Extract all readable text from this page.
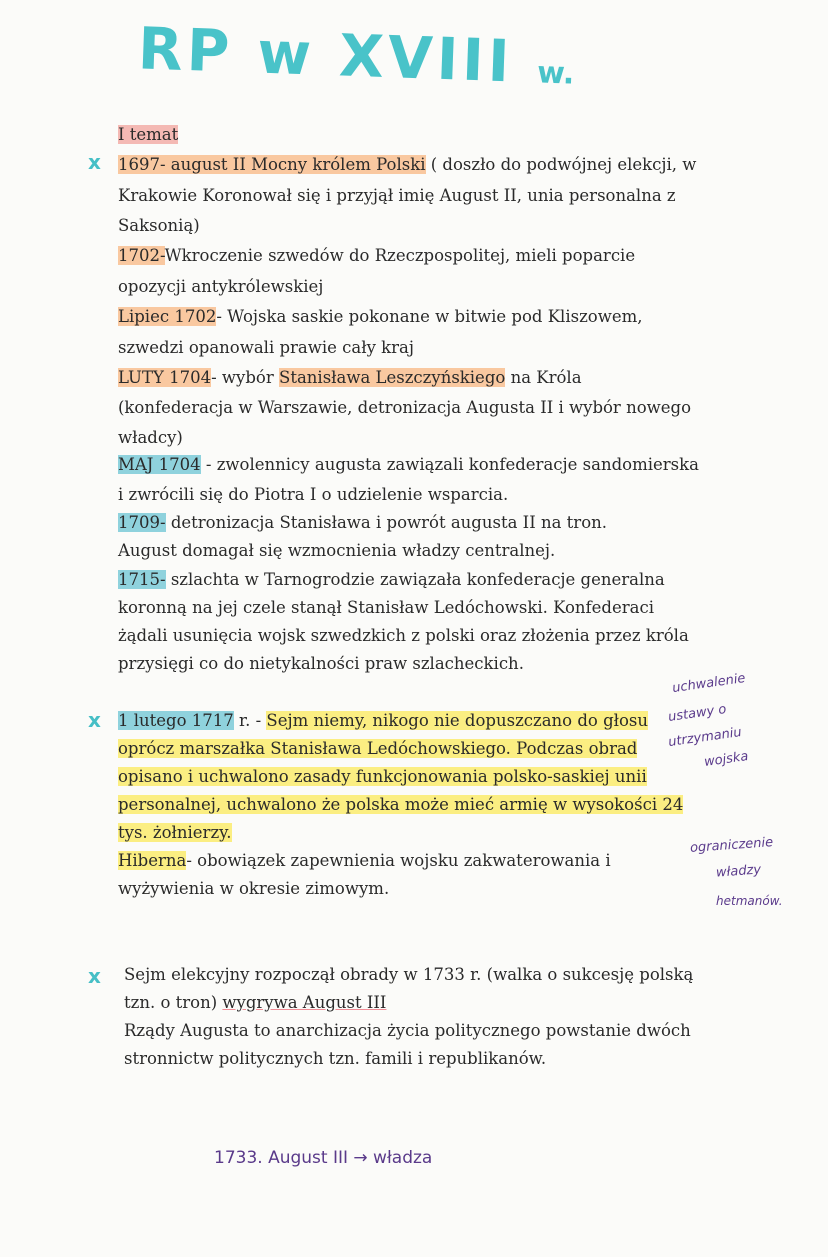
RP w XVIII w.
I temat
x 1697- august II Mocny królem Polski ( doszło do podwójnej elekcji, w
Krakowie Koronował się i przyjął imię August II, unia personalna z
Saksonią)
1702-Wkroczenie szwedów do Rzeczpospolitej, mieli poparcie
opozycji antykrólewskiej
Lipiec 1702- Wojska saskie pokonane w bitwie pod Kliszowem,
szwedzi opanowali prawie cały kraj
LUTY 1704- wybór Stanisława Leszczyńskiego na Króla
(konfederacja w Warszawie, detronizacja Augusta II i wybór nowego
władcy)
MAJ 1704 - zwolennicy augusta zawiązali konfederacje sandomierska
i zwrócili się do Piotra I o udzielenie wsparcia.
1709- detronizacja Stanisława i powrót augusta II na tron.
August domagał się wzmocnienia władzy centralnej.
1715- szlachta w Tarnogrodzie zawiązała konfederacje generalna
koronną na jej czele stanął Stanisław Ledóchowski. Konfederaci
żądali usunięcia wojsk szwedzkich z polski oraz złożenia przez króla
przysięgi co do nietykalności praw szlacheckich.
x 1 lutego 1717 r. - Sejm niemy, nikogo nie dopuszczano do głosu
oprócz marszałka Stanisława Ledóchowskiego. Podczas obrad
opisano i uchwalono zasady funkcjonowania polsko-saskiej unii
personalnej, uchwalono że polska może mieć armię w wysokości 24
tys. żołnierzy.
Hiberna- obowiązek zapewnienia wojsku zakwaterowania i
wyżywienia w okresie zimowym.
uchwalenie
ustawy o
utrzymaniu
wojska
ograniczenie
władzy
hetmanów.
x Sejm elekcyjny rozpoczął obrady w 1733 r. (walka o sukcesję polską
tzn. o tron) wygrywa August III
Rządy Augusta to anarchizacja życia politycznego powstanie dwóch
stronnictw politycznych tzn. famili i republikanów.
1733. August III → władza
